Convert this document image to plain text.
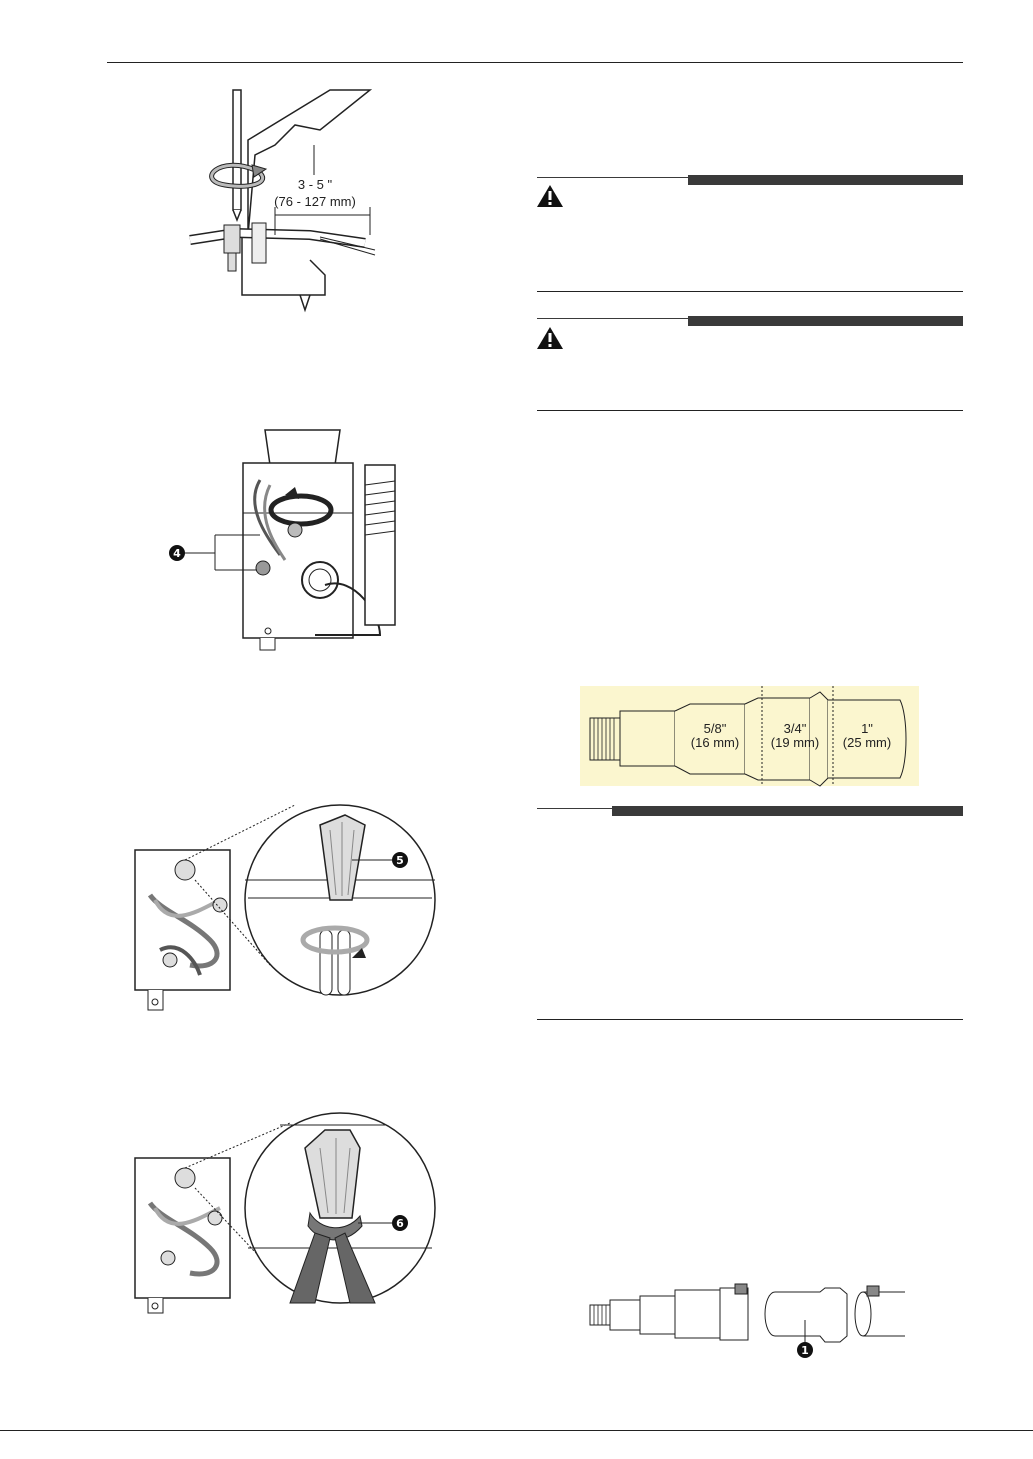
3 - 5 "
(76 - 127 mm)
4
5
6
5/8"
(16 mm)
3/4"
(19 mm)
1"
(25 mm)
1
